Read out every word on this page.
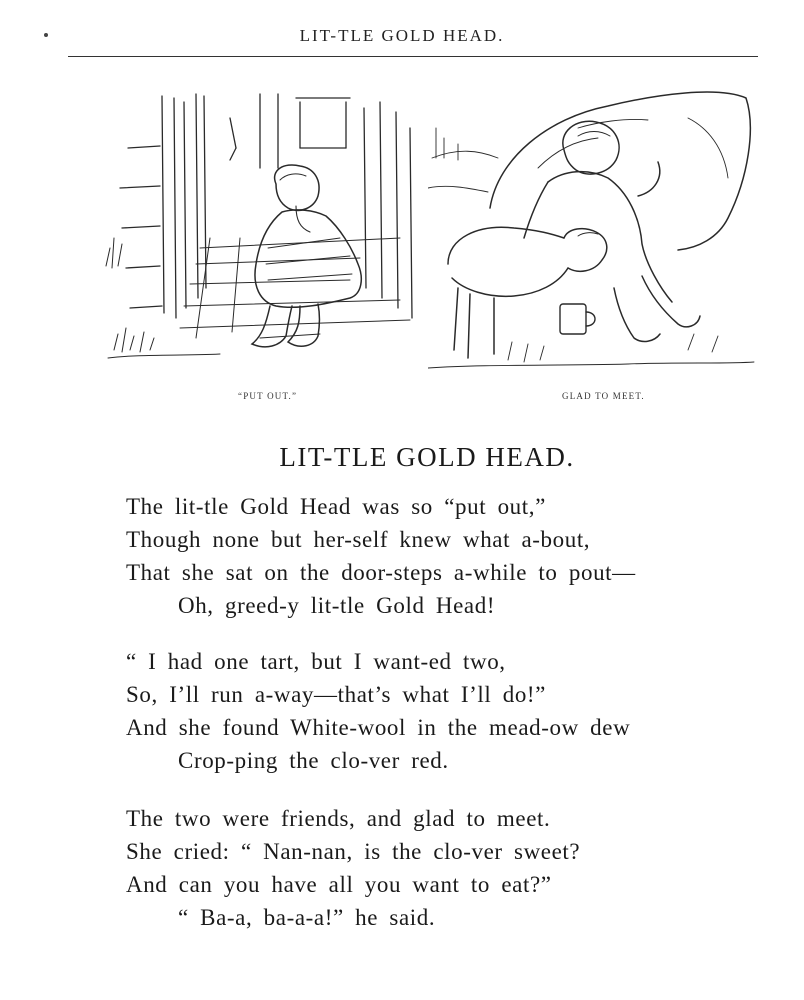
LIT-TLE GOLD HEAD.
“PUT OUT.”	GLAD TO MEET.
LIT-TLE GOLD HEAD.
The lit-tle Gold Head was so “put out,”
Though none but her-self knew what a-bout,
That she sat on the door-steps a-while to pout—
Oh, greed-y lit-tle Gold Head!
“ I had one tart, but I want-ed two,
So, I’ll run a-way—that’s what I’ll do!”
And she found White-wool in the mead-ow dew
Crop-ping the clo-ver red.
The two were friends, and glad to meet.
She cried: “ Nan-nan, is the clo-ver sweet?
And can you have all you want to eat?”
“ Ba-a, ba-a-a!” he said.
